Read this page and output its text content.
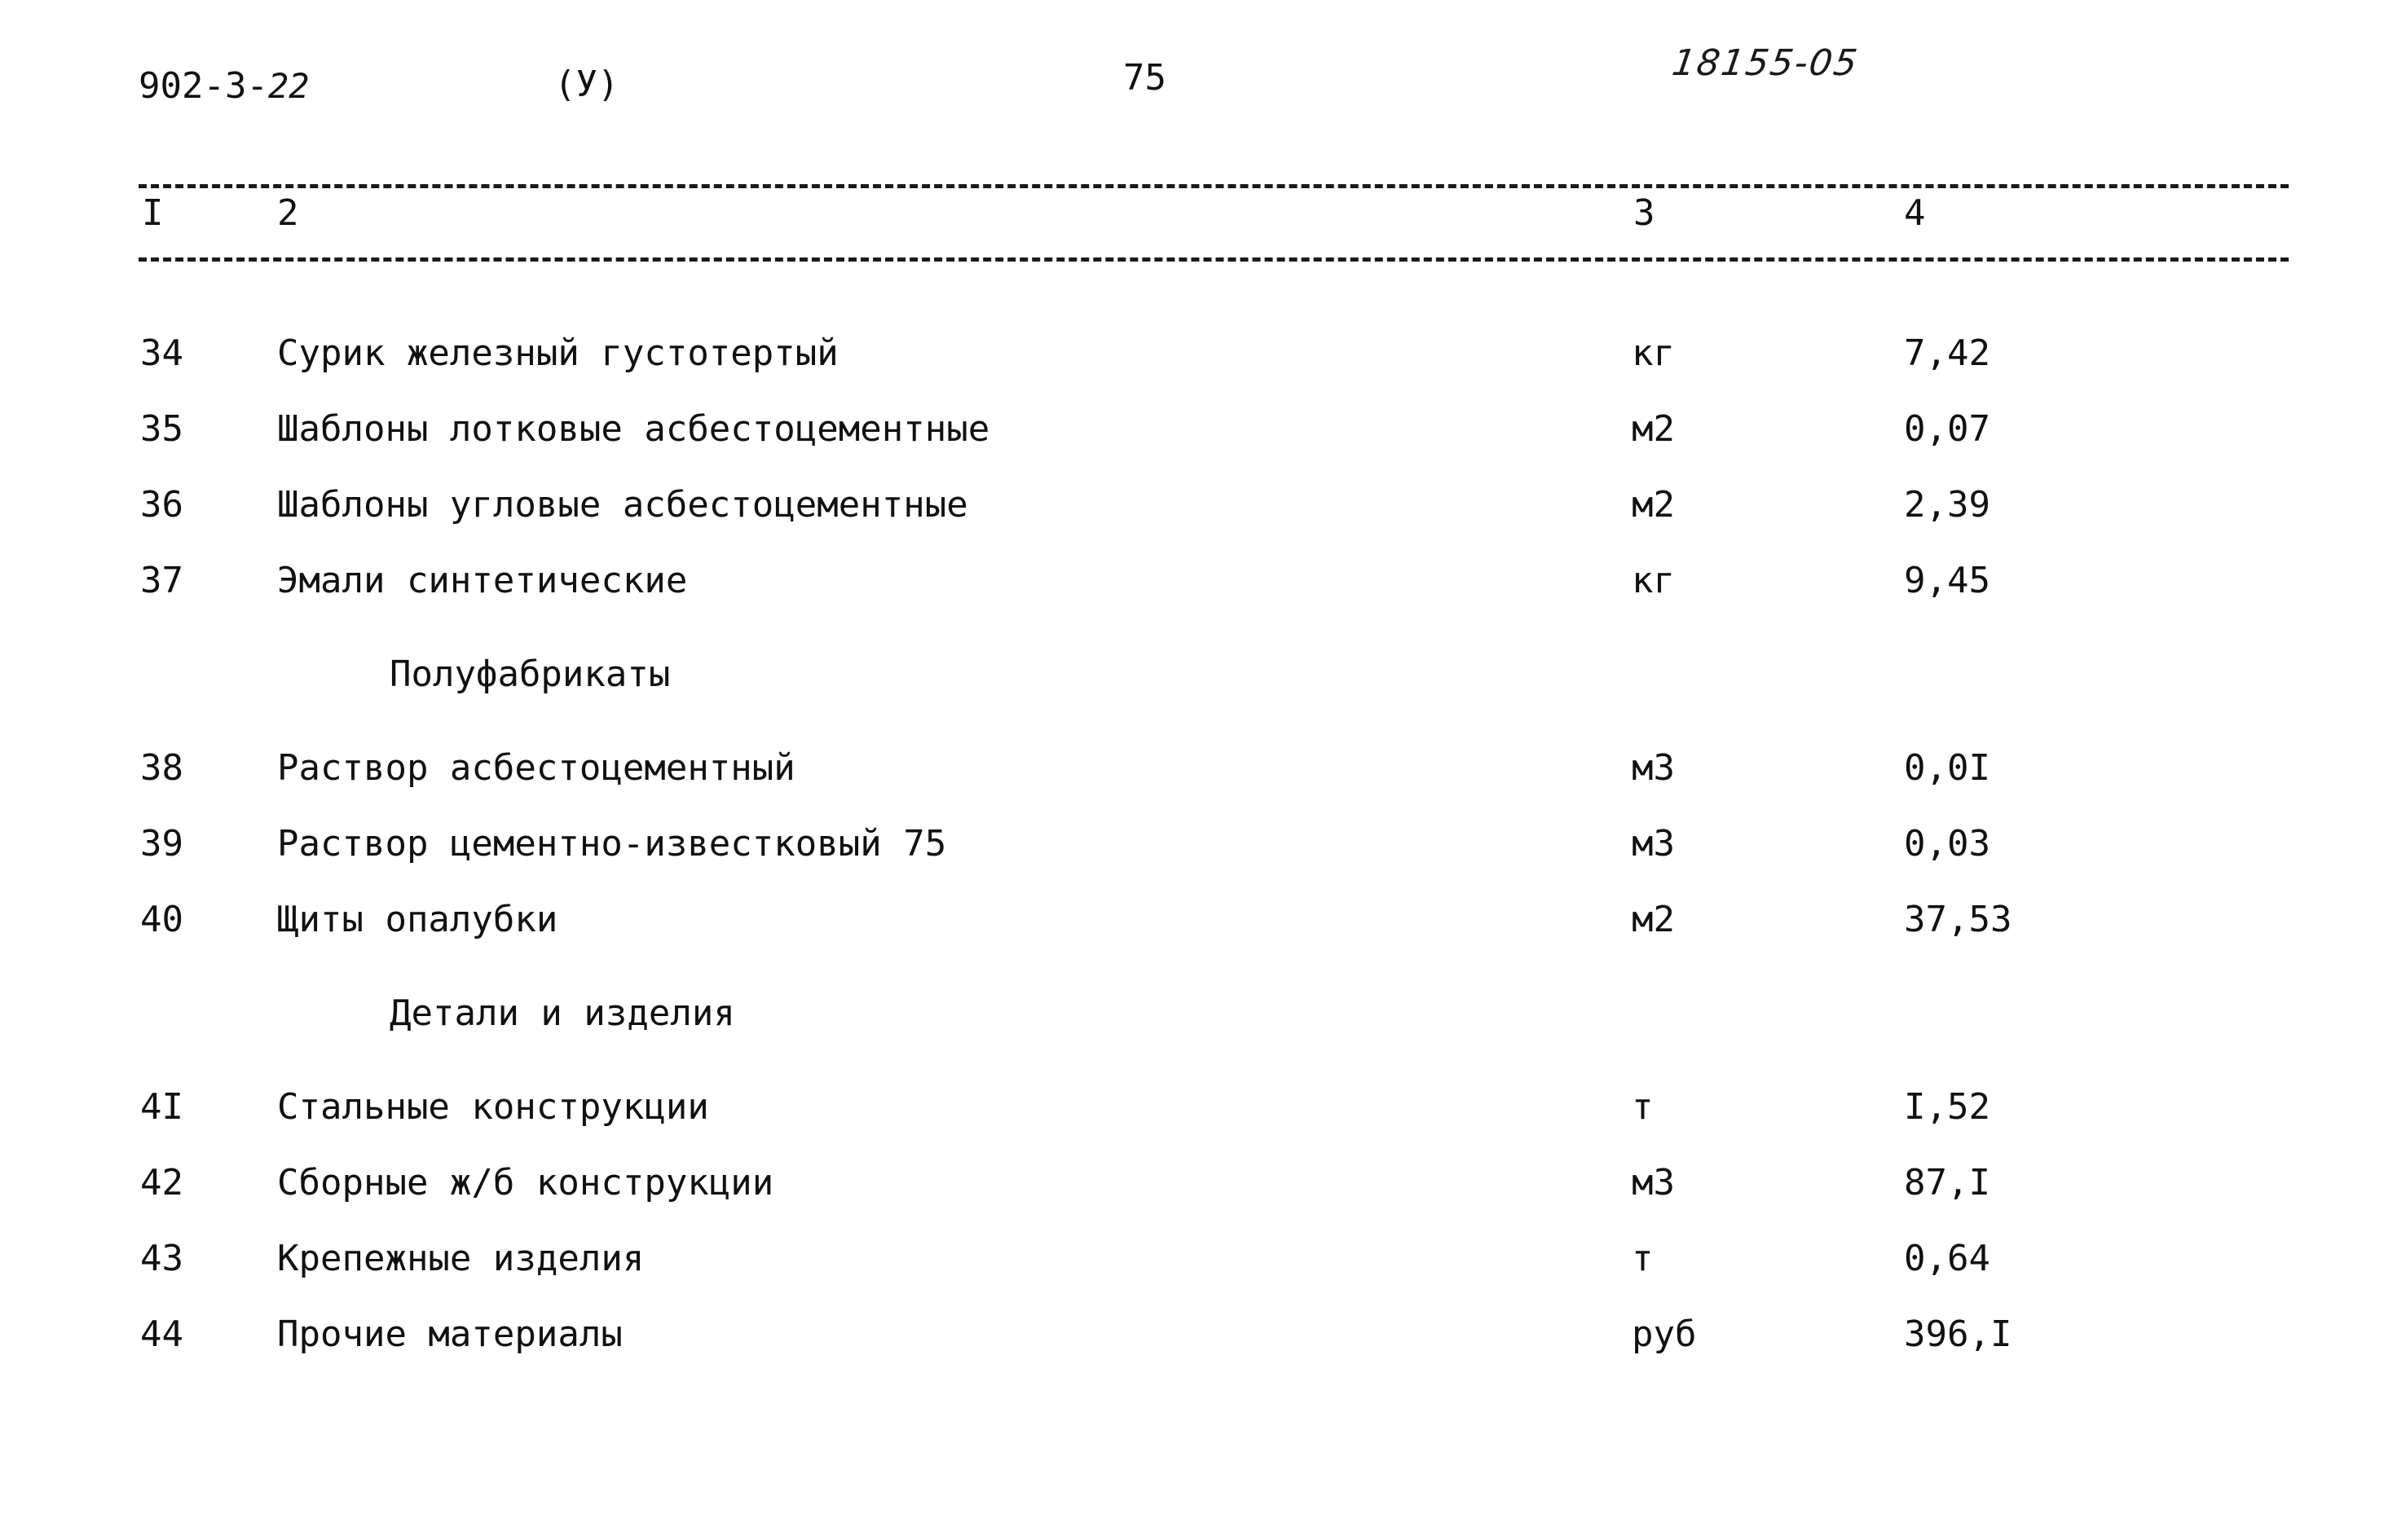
902-3-22	(У)	75	18155-05
I	2	3	4
34	Сурик железный густотертый	кг	7,42
35	Шаблоны лотковые асбестоцементные	м2	0,07
36	Шаблоны угловые асбестоцементные	м2	2,39
37	Эмали синтетические	кг	9,45
Полуфабрикаты
38	Раствор асбестоцементный	м3	0,0I
39	Раствор цементно-известковый 75	м3	0,03
40	Щиты опалубки	м2	37,53
Детали и изделия
4I	Стальные конструкции	т	I,52
42	Сборные ж/б конструкции	м3	87,I
43	Крепежные изделия	т	0,64
44	Прочие материалы	руб	396,I
